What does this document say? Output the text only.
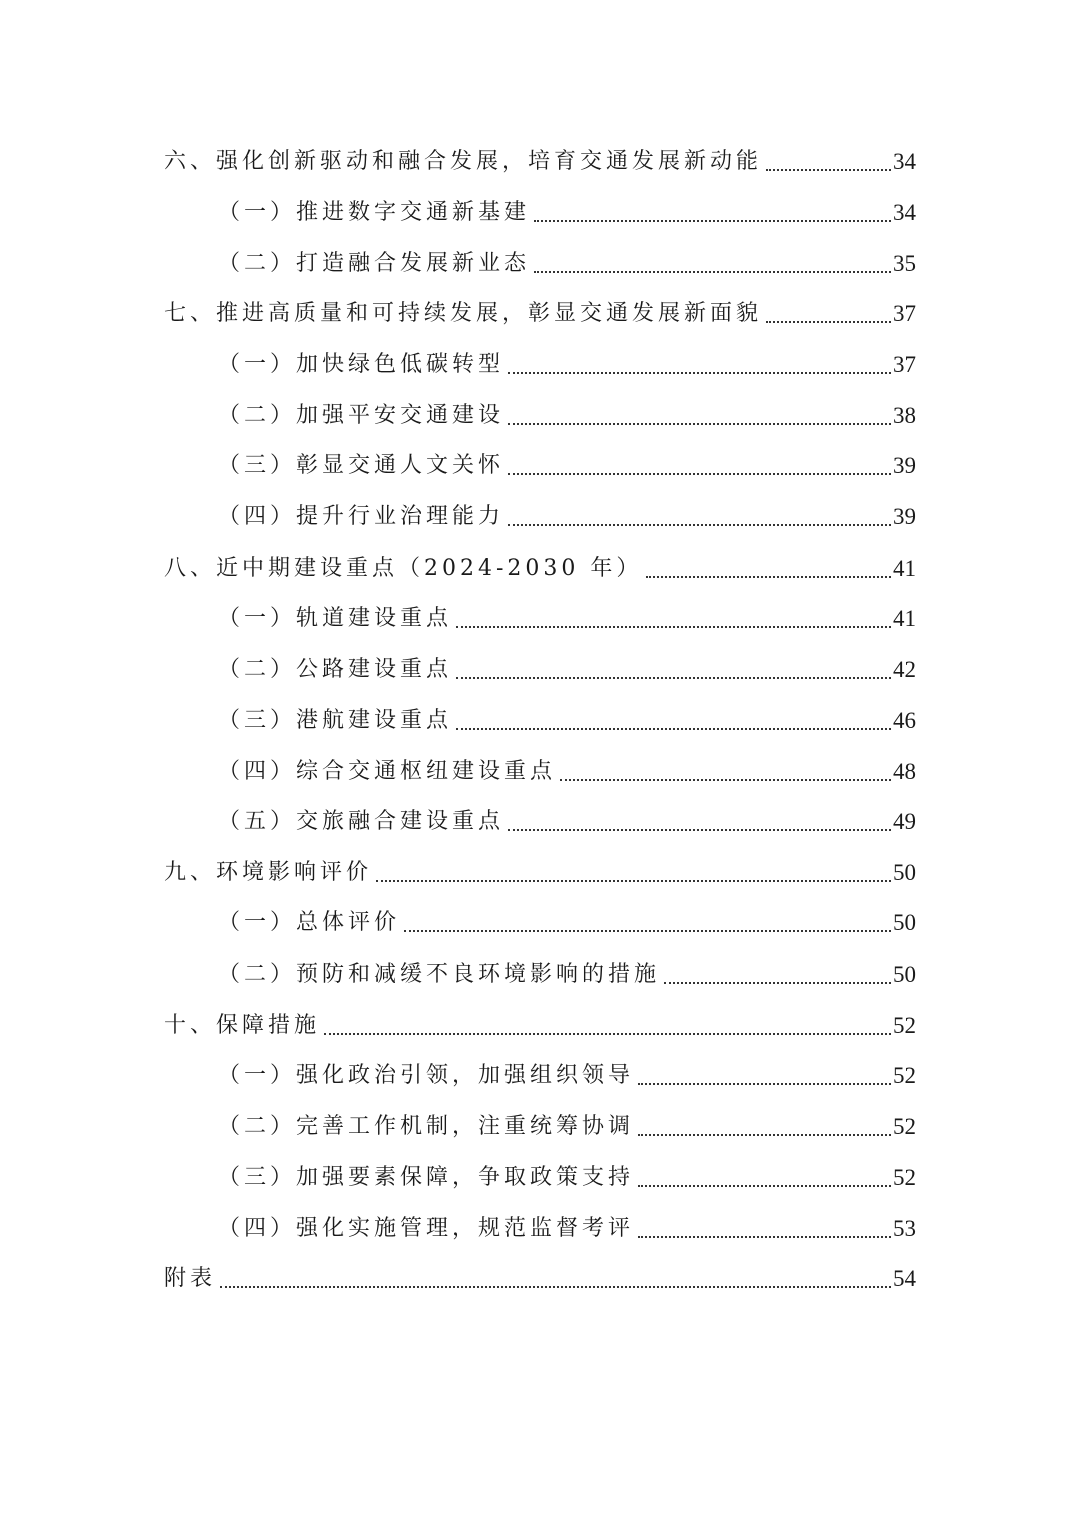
六、强化创新驱动和融合发展，培育交通发展新动能	34
（一）推进数字交通新基建	34
（二）打造融合发展新业态	35
七、推进高质量和可持续发展，彰显交通发展新面貌	37
（一）加快绿色低碳转型	37
（二）加强平安交通建设	38
（三）彰显交通人文关怀	39
（四）提升行业治理能力	39
八、近中期建设重点（2024-2030 年）	41
（一）轨道建设重点	41
（二）公路建设重点	42
（三）港航建设重点	46
（四）综合交通枢纽建设重点	48
（五）交旅融合建设重点	49
九、环境影响评价	50
（一）总体评价	50
（二）预防和减缓不良环境影响的措施	50
十、保障措施	52
（一）强化政治引领，加强组织领导	52
（二）完善工作机制，注重统筹协调	52
（三）加强要素保障，争取政策支持	52
（四）强化实施管理，规范监督考评	53
附表	54
